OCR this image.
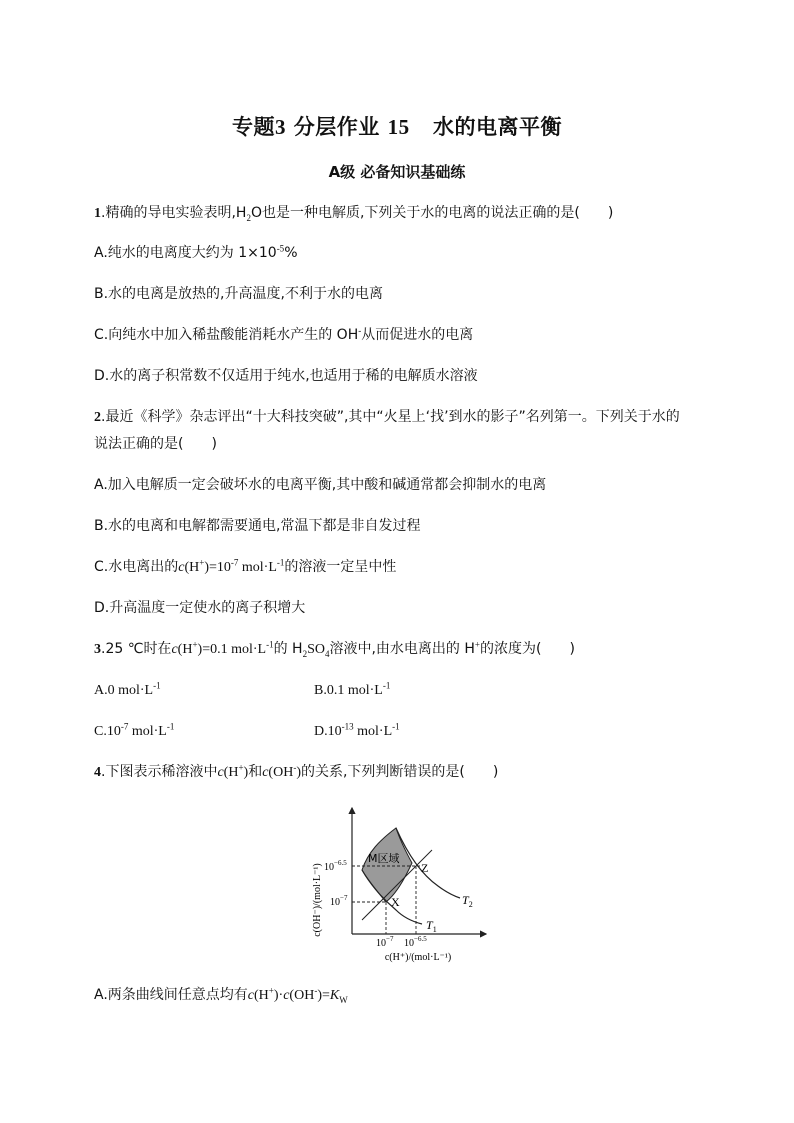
专题3 分层作业 15 水的电离平衡
A级 必备知识基础练
1.精确的导电实验表明$,H_2O$也是一种电解质,下列关于水的电离的说法正确的是(　　)
A.纯水的电离度大约为 $1\times 10^{-5}\%$
B.水的电离是放热的,升高温度,不利于水的电离
C.向纯水中加入稀盐酸能消耗水产生的 OH-从而促进水的电离
D.水的离子积常数不仅适用于纯水,也适用于稀的电解质水溶液
2.最近《科学》杂志评出“十大科技突破”,其中“火星上‘找’到水的影子”名列第一。下列关于水的
说法正确的是(　　)
A.加入电解质一定会破坏水的电离平衡,其中酸和碱通常都会抑制水的电离
B.水的电离和电解都需要通电,常温下都是非自发过程
C.水电离出的$c(H^+)=10^{-7}$ $mol\cdot L^{-1}$的溶液一定呈中性
D.升高温度一定使水的离子积增大
3.25 ℃时在c(H+)=0.1 $mol\cdot L^{-1}$的 $H_2SO_4$溶液中,由水电离出的 H+的浓度为(　　)
A.0 $mol\cdot L^{-1}$	B.0.1 $mol\cdot L^{-1}$
$C.10^{-7}$ $mol\cdot L^{-1}$	$D.10^{-13}$ $mol\cdot L^{-1}$
4.下图表示稀溶液中c(H+)和c(OH-)的关系,下列判断错误的是(　　)
c(OH⁻)/(mol·L⁻¹) $10^{-6.5}$
$10^{-7}$
$10^{-7}$ $10^{-6.5}$
c(H⁺)/(mol·L⁻¹)
M区域
Z
X	$T_2$
$T_1$
A.两条曲线间任意点均有$c(H^+)\cdot c(OH^-)=K_W$
